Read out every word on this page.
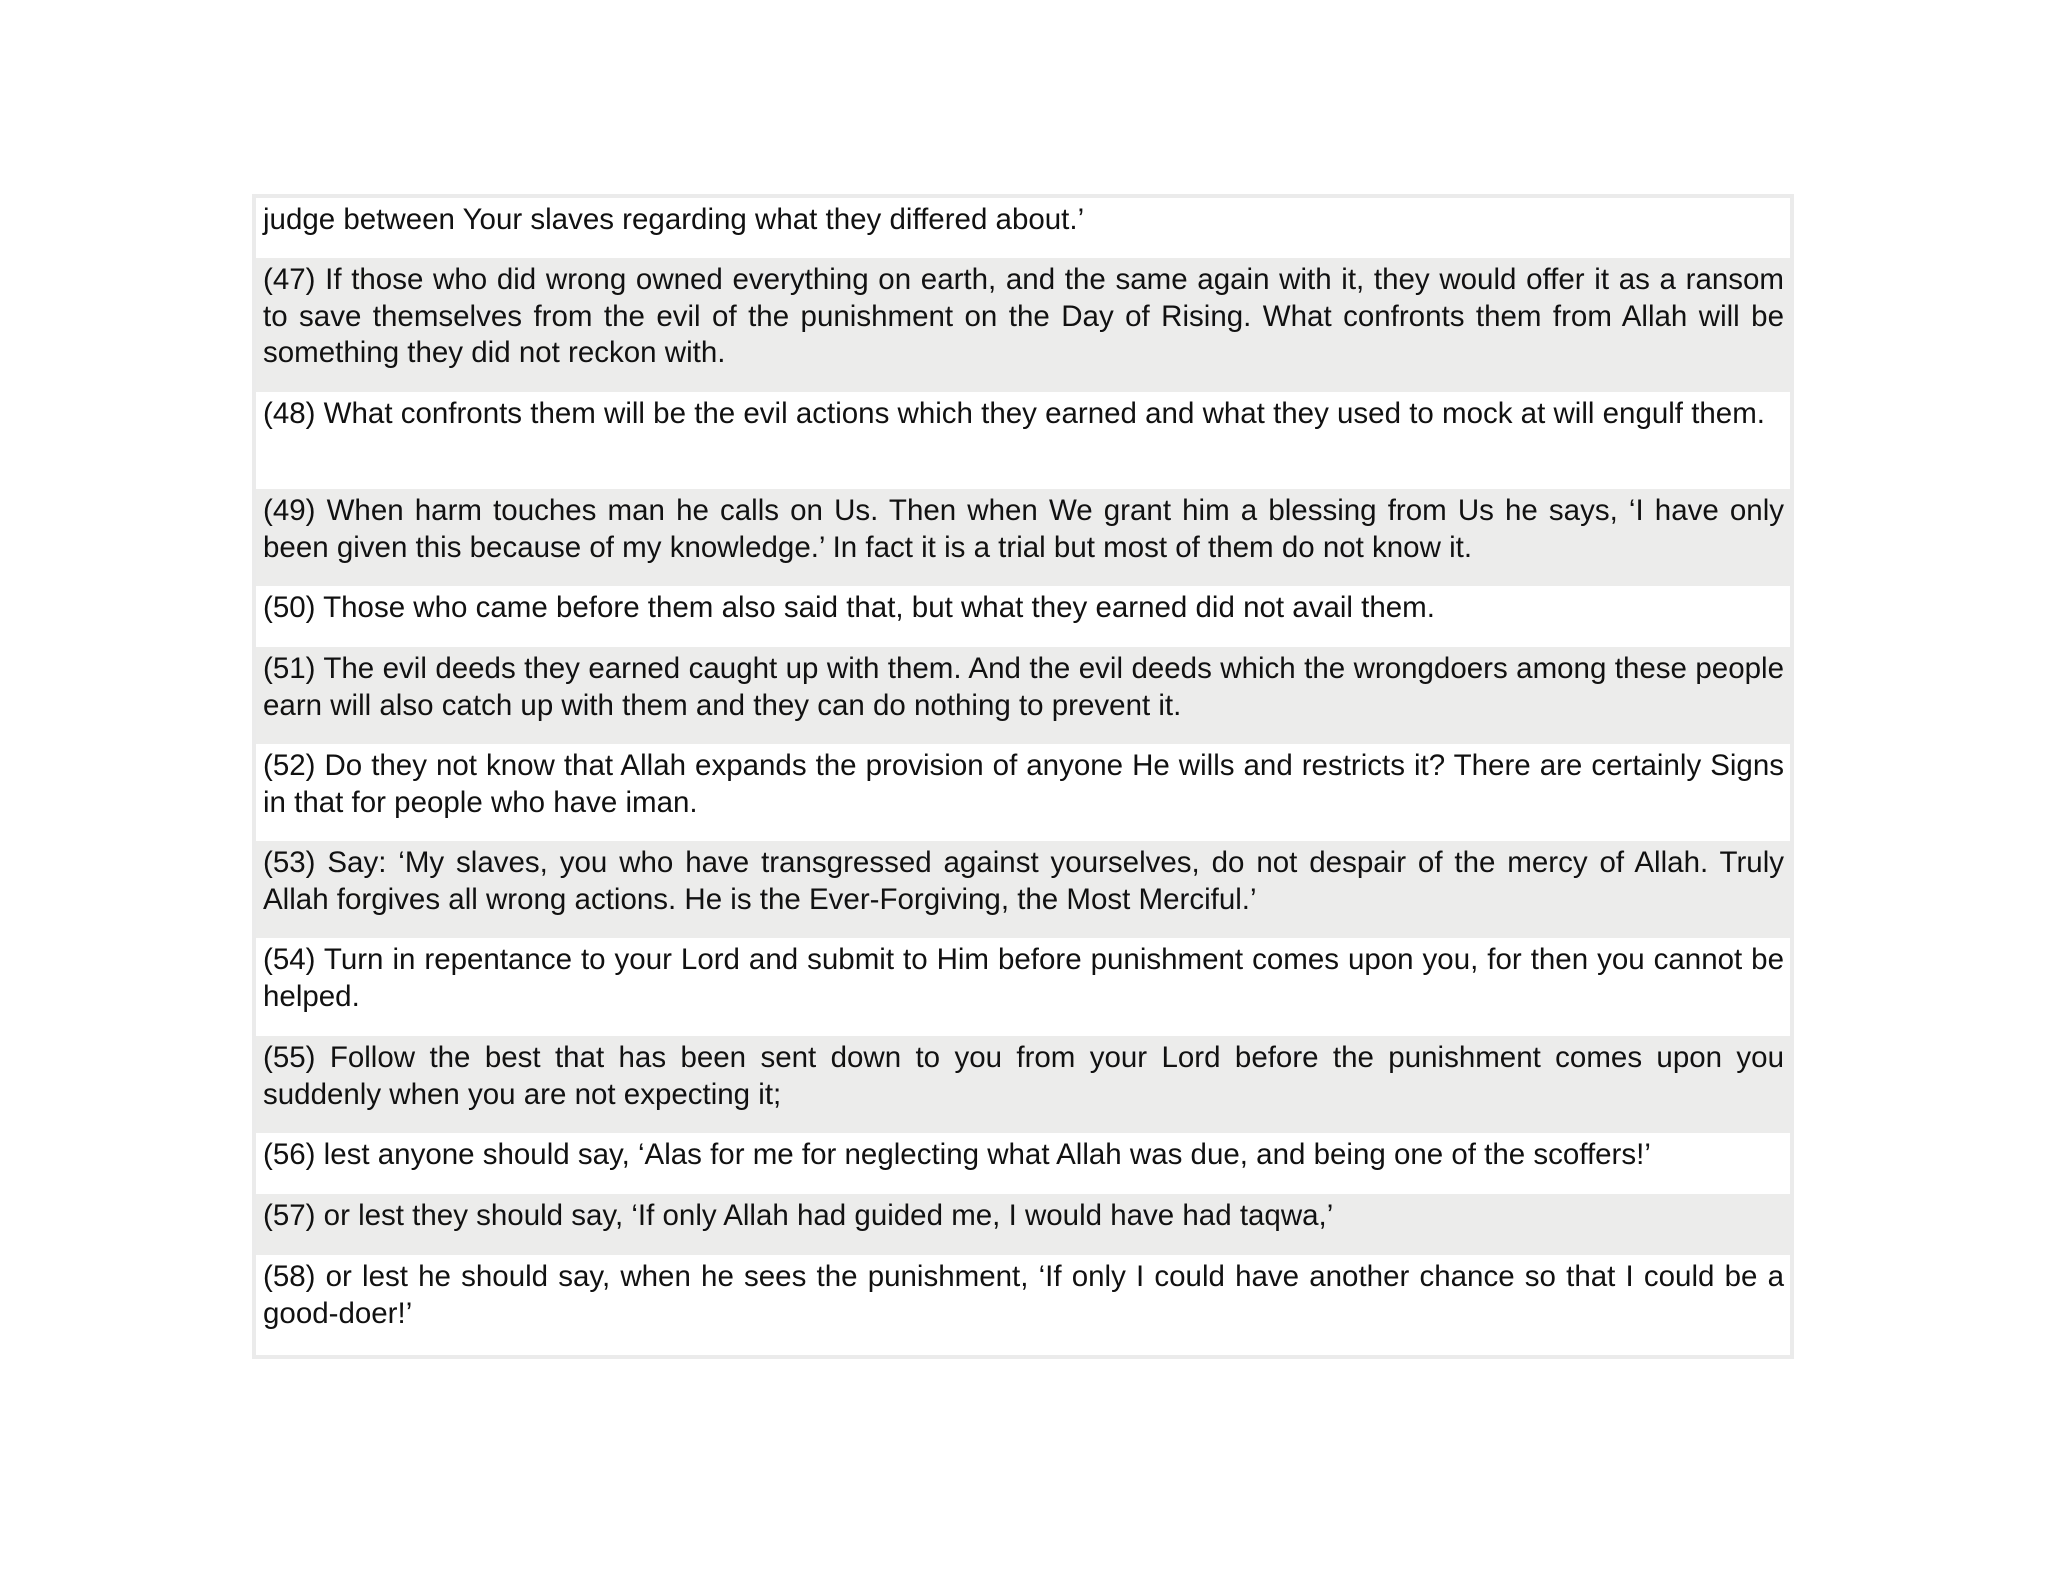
judge between Your slaves regarding what they differed about.’
(47) If those who did wrong owned everything on earth, and the same again with it, they would offer it as a ransom to save themselves from the evil of the punishment on the Day of Rising. What confronts them from Allah will be something they did not reckon with.
(48) What confronts them will be the evil actions which they earned and what they used to mock at will engulf them.
(49) When harm touches man he calls on Us. Then when We grant him a blessing from Us he says, ‘I have only been given this because of my knowledge.’ In fact it is a trial but most of them do not know it.
(50) Those who came before them also said that, but what they earned did not avail them.
(51) The evil deeds they earned caught up with them. And the evil deeds which the wrongdoers among these people earn will also catch up with them and they can do nothing to prevent it.
(52) Do they not know that Allah expands the provision of anyone He wills and restricts it? There are certainly Signs in that for people who have iman.
(53) Say: ‘My slaves, you who have transgressed against yourselves, do not despair of the mercy of Allah. Truly Allah forgives all wrong actions. He is the Ever-Forgiving, the Most Merciful.’
(54) Turn in repentance to your Lord and submit to Him before punishment comes upon you, for then you cannot be helped.
(55) Follow the best that has been sent down to you from your Lord before the punishment comes upon you suddenly when you are not expecting it;
(56) lest anyone should say, ‘Alas for me for neglecting what Allah was due, and being one of the scoffers!’
(57) or lest they should say, ‘If only Allah had guided me, I would have had taqwa,’
(58) or lest he should say, when he sees the punishment, ‘If only I could have another chance so that I could be a good-doer!’
